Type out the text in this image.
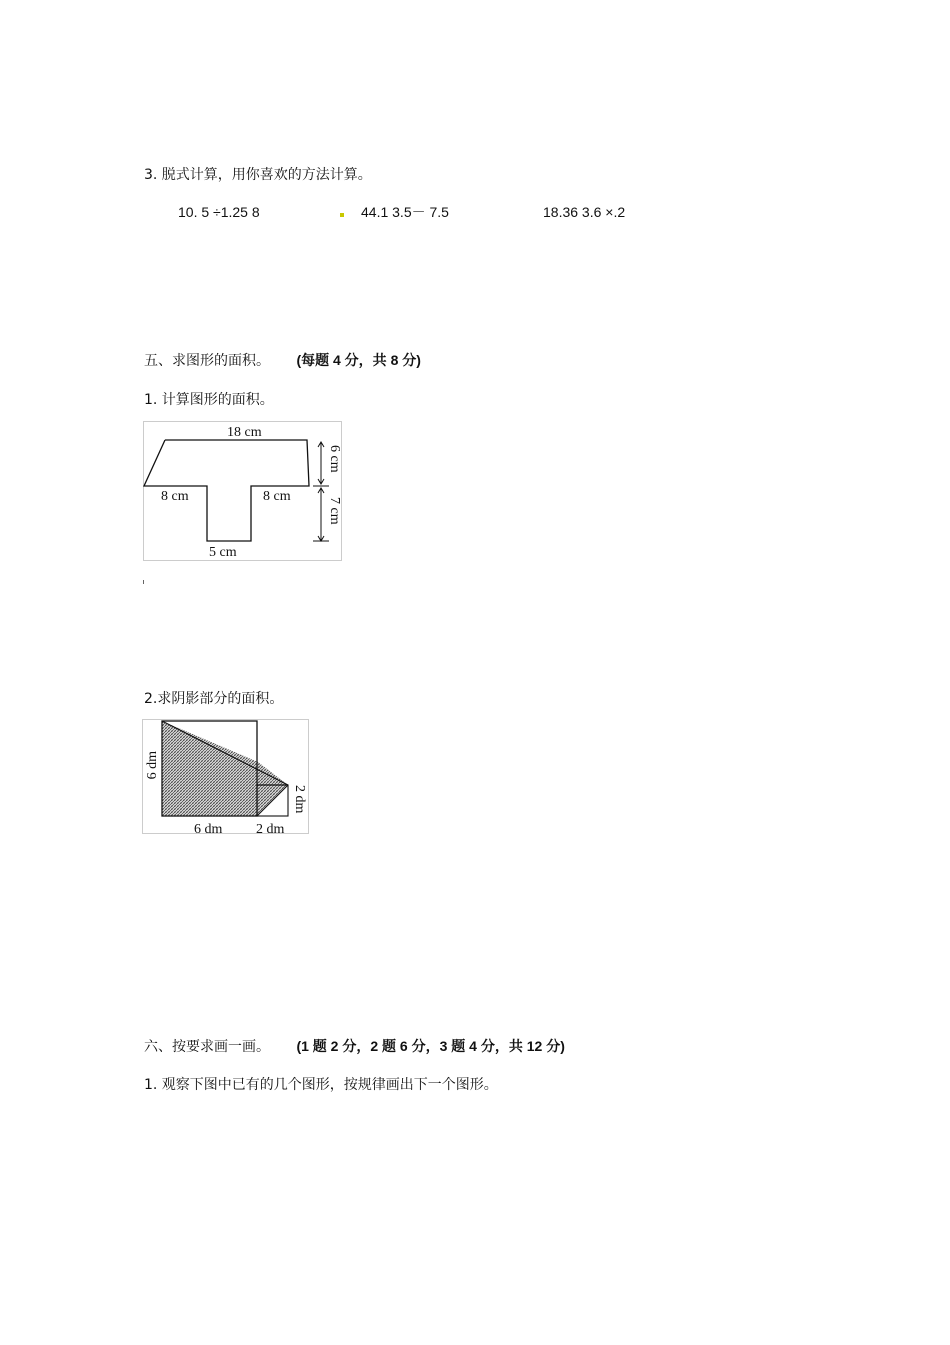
3. 脱式计算，用你喜欢的方法计算。
10. 5 ÷1.25 8	44.1 3.5－ 7.5	18.36 3.6 ×.2
五、求图形的面积。 (每题 4 分，共 8 分)
1. 计算图形的面积。
18 cm
8 cm	8 cm
5 cm
6 cm
7 cm
2.求阴影部分的面积。
6 dm
6 dm 2 dm
2 dm
六、按要求画一画。 (1 题 2 分，2 题 6 分，3 题 4 分，共 12 分)
1. 观察下图中已有的几个图形，按规律画出下一个图形。
